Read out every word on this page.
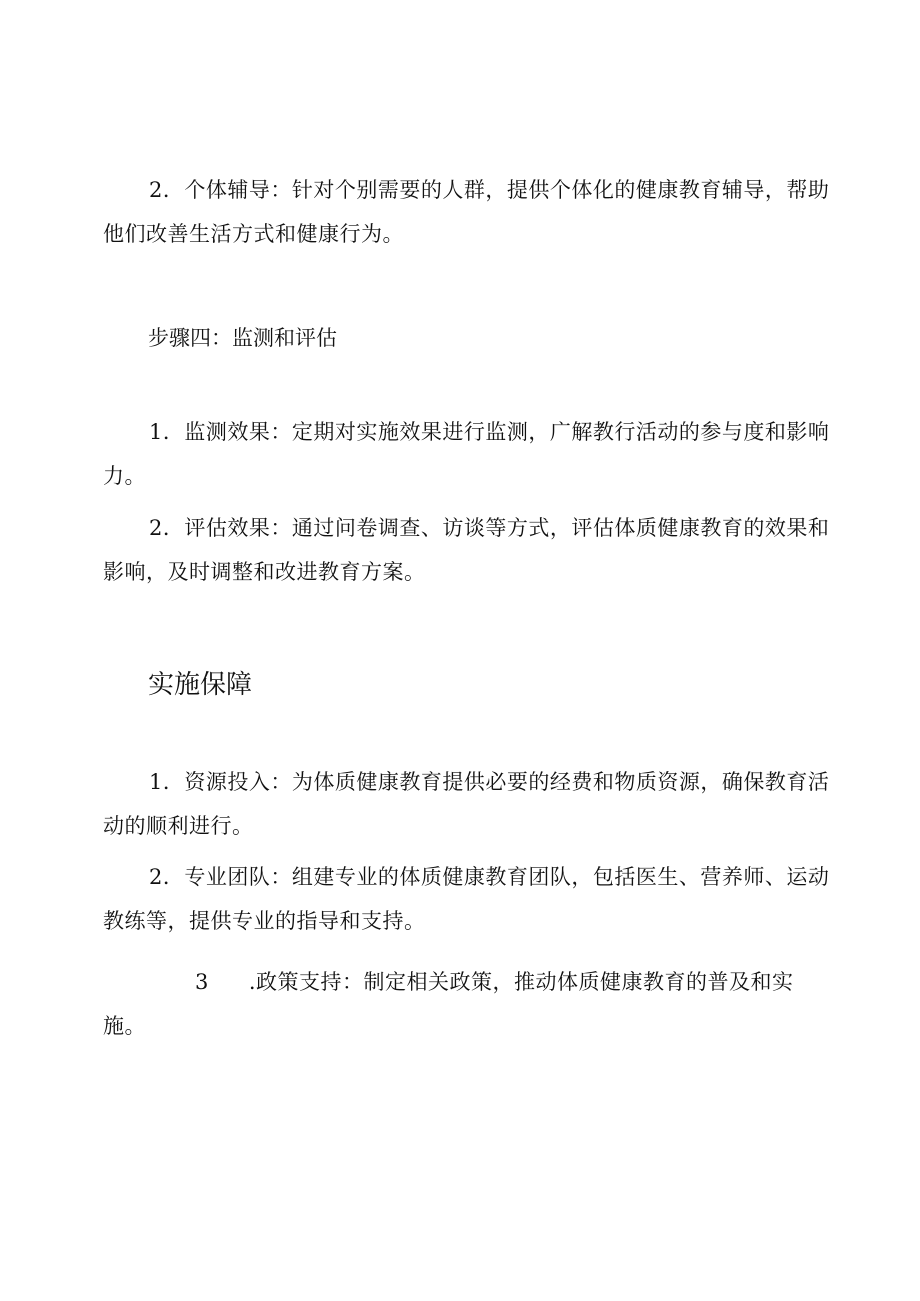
2．个体辅导：针对个别需要的人群，提供个体化的健康教育辅导，帮助他们改善生活方式和健康行为。

步骤四：监测和评估

1．监测效果：定期对实施效果进行监测，广解教行活动的参与度和影响力。

2．评估效果：通过问卷调查、访谈等方式，评估体质健康教育的效果和影响，及时调整和改进教育方案。

实施保障

1．资源投入：为体质健康教育提供必要的经费和物质资源，确保教育活动的顺利进行。

2．专业团队：组建专业的体质健康教育团队，包括医生、营养师、运动教练等，提供专业的指导和支持。

3 .政策支持：制定相关政策，推动体质健康教育的普及和实施。
